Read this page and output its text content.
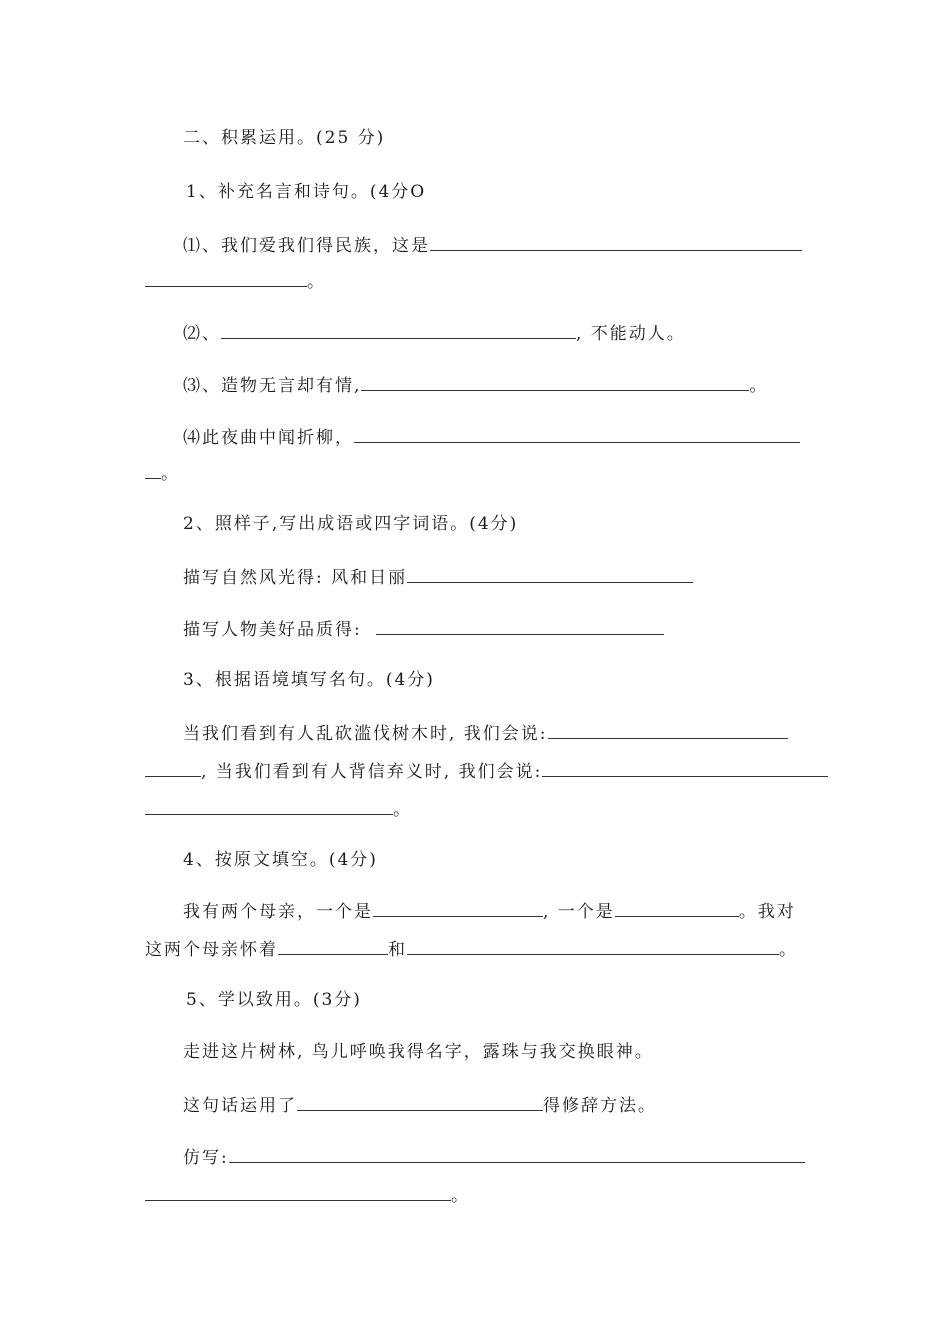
二、积累运用。(25 分)
1、补充名言和诗句。(4分O
⑴、我们爱我们得民族，这是
。
⑵、	, 不能动人。
⑶、造物无言却有情,	。
⑷此夜曲中闻折柳，
。
2、照样子,写出成语或四字词语。(4分)
描写自然风光得: 风和日丽
描写人物美好品质得:
3、根据语境填写名句。(4分)
当我们看到有人乱砍滥伐树木时, 我们会说:
, 当我们看到有人背信弃义时, 我们会说:
。
4、按原文填空。(4分)
我有两个母亲，一个是	, 一个是	。我对
这两个母亲怀着	和	。
5、学以致用。(3分)
走进这片树林, 鸟儿呼唤我得名字，露珠与我交换眼神。
这句话运用了	得修辞方法。
仿写:
。
